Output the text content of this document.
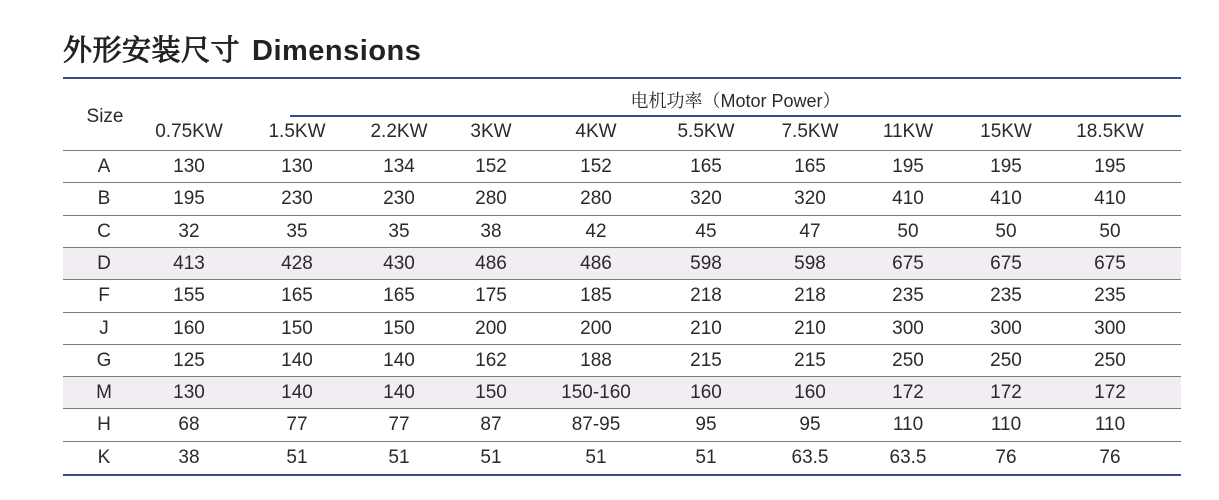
外形安装尺寸 Dimensions
Size
电机功率（Motor Power）
0.75KW	1.5KW	2.2KW	3KW	4KW	5.5KW	7.5KW	11KW	15KW	18.5KW
A	130	130	134	152	152	165	165	195	195	195
B	195	230	230	280	280	320	320	410	410	410
C	32	35	35	38	42	45	47	50	50	50
D	413	428	430	486	486	598	598	675	675	675
F	155	165	165	175	185	218	218	235	235	235
J	160	150	150	200	200	210	210	300	300	300
G	125	140	140	162	188	215	215	250	250	250
M	130	140	140	150	150-160	160	160	172	172	172
H	68	77	77	87	87-95	95	95	110	110	110
K	38	51	51	51	51	51	63.5	63.5	76	76
